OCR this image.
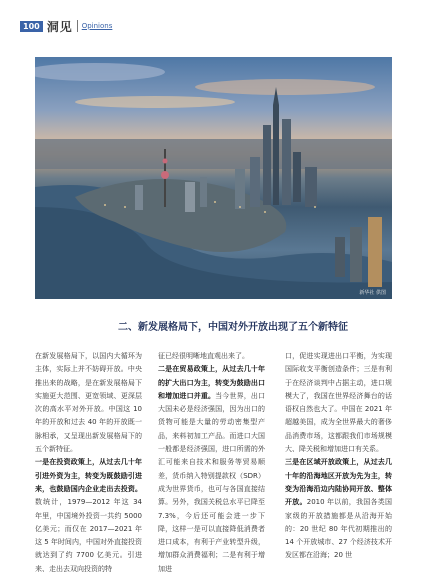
100 洞见 Opinions
新华社 供图
二、新发展格局下，中国对外开放出现了五个新特征

在新发展格局下，以国内大循环为主体，实际上并不妨碍开放。中央推出来的战略，是在新发展格局下实施更大范围、更宽领域、更深层次的高水平对外开放。中国这 10 年的开放和过去 40 年的开放既一脉相承，又呈现出新发展格局下的五个新特征。

一是在投资政策上，从过去几十年引进外资为主，转变为既鼓励引进来，也鼓励国内企业走出去投资。数统计，1979—2012 年这 34 年里，中国境外投资一共约 5000 亿美元；而仅在 2017—2021 年这 5 年时间内，中国对外直接投资就达到了约 7700 亿美元。引进来、走出去双向投资的特

征已经很明晰地直观出来了。

二是在贸易政策上，从过去几十年的扩大出口为主，转变为鼓励出口和增加进口并重。当今世界，出口大国未必是经济强国，因为出口的货物可能是大量的劳动密集型产品，来料初加工产品。而进口大国一般都是经济强国，进口所需的外汇可能来自技术和服务等贸易顺差，货币纳入特别提款权（SDR）成为世界货币，也可与各国直接结算。另外，我国关税总水平已降至 7.3%，今后还可能会进一步下降，这样一是可以直接降低消费者进口成本，有利于产业转型升级，增加群众消费福利；二是有利于增加进

口，促进实现进出口平衡，为实现国际收支平衡创造条件；三是有利于在经济谈判中占据主动，进口规模大了，我国在世界经济舞台的话语权自然也大了。中国在 2021 年超越美国，成为全世界最大的奢侈品消费市场，这都跟我们市场规模大、降关税和增加进口有关系。

三是在区域开放政策上，从过去几十年的沿海地区开放为先为主，转变为沿海沿边内陆协同开放、整体开放。2010 年以前，我国各类国家级的开放措施都是从沿海开始的：20 世纪 80 年代初期推出的 14 个开放城市、27 个经济技术开发区都在沿海；20 世
